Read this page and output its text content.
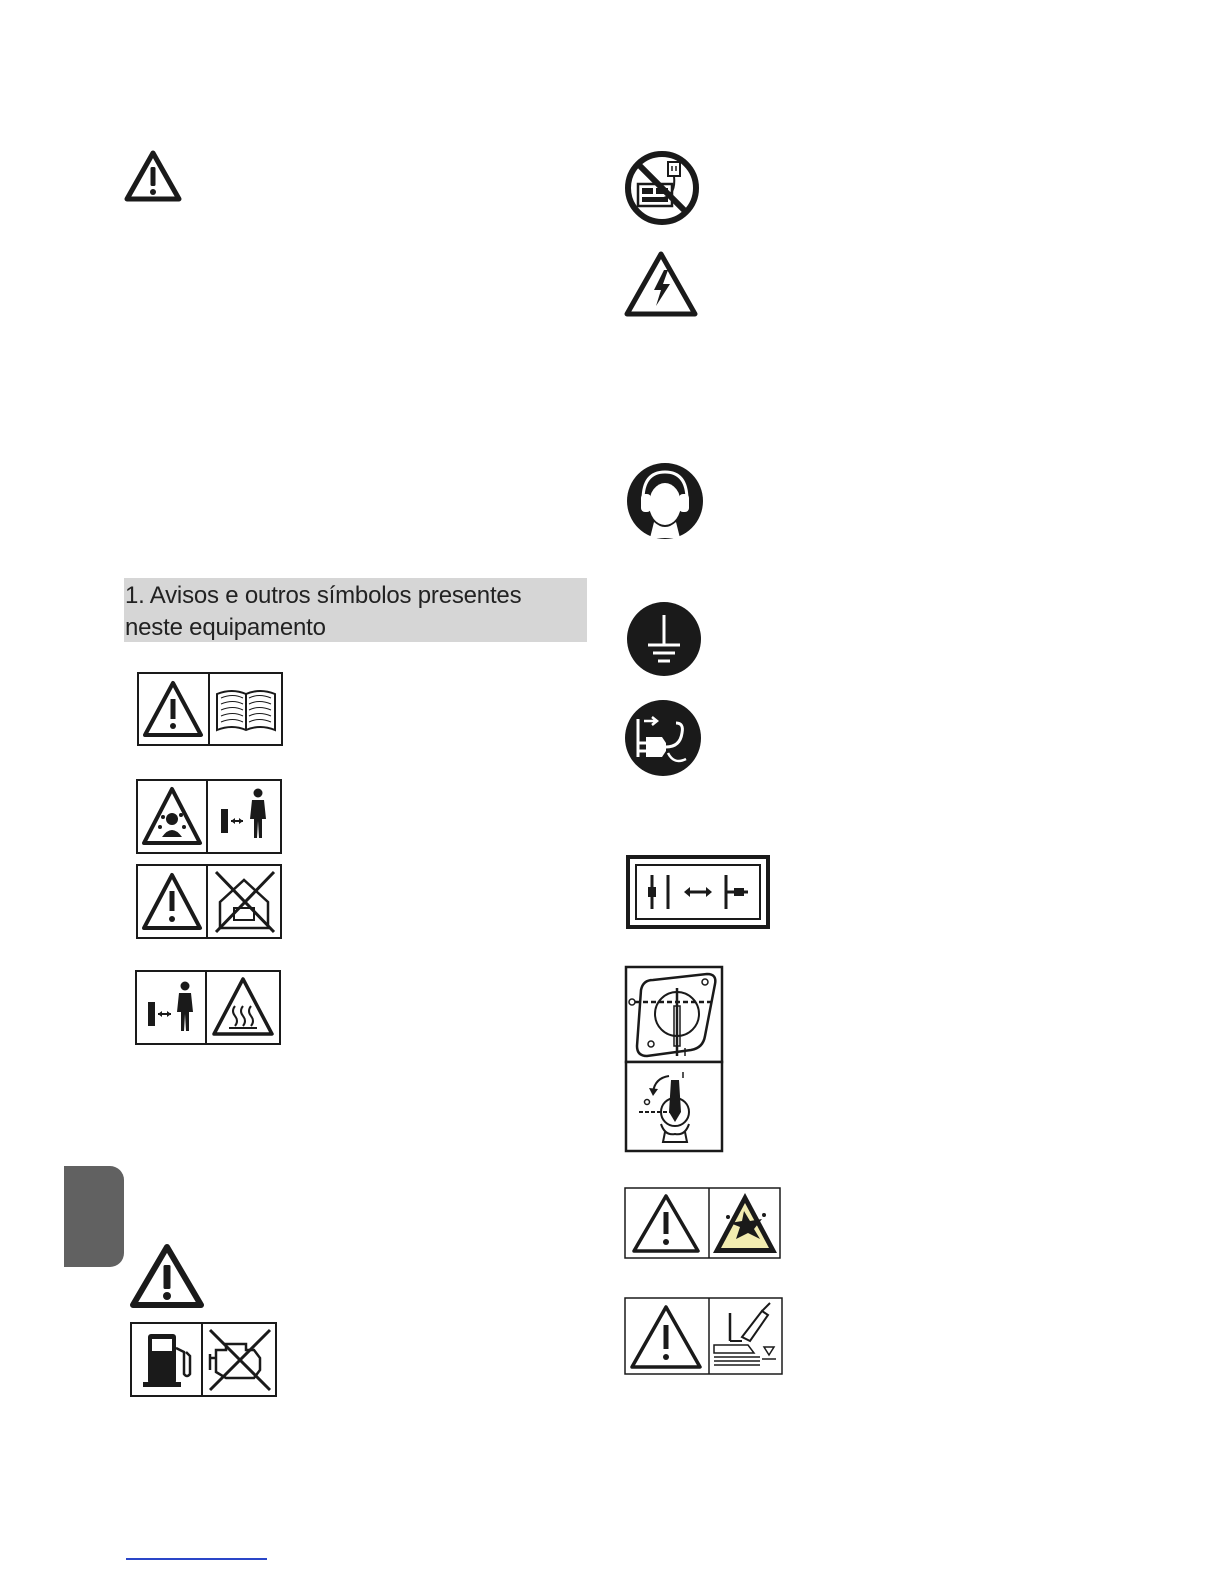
1. Avisos e outros símbolos presentes neste equipamento
